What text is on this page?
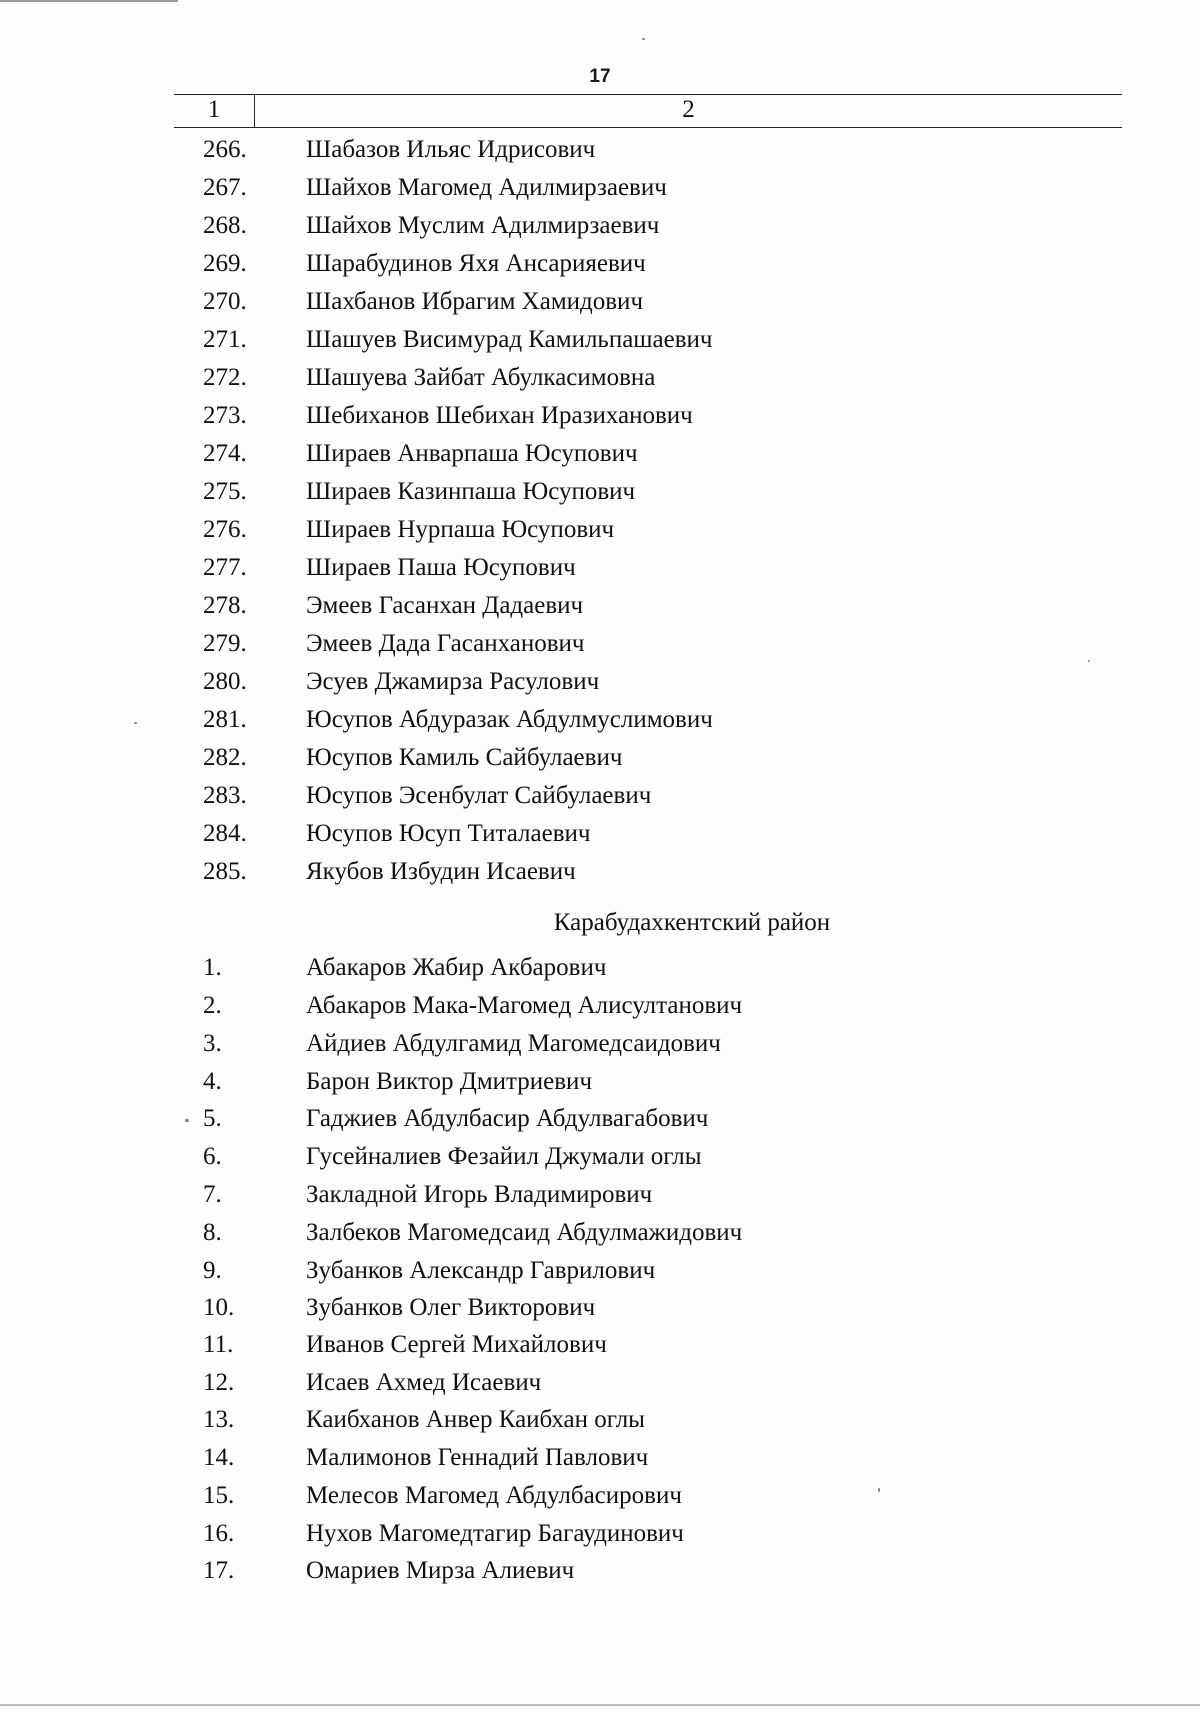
17
1	2
266. Шабазов Ильяс Идрисович
267. Шайхов Магомед Адилмирзаевич
268. Шайхов Муслим Адилмирзаевич
269. Шарабудинов Яхя Ансарияевич
270. Шахбанов Ибрагим Хамидович
271. Шашуев Висимурад Камильпашаевич
272. Шашуева Зайбат Абулкасимовна
273. Шебиханов Шебихан Иразиханович
274. Шираев Анварпаша Юсупович
275. Шираев Казинпаша Юсупович
276. Шираев Нурпаша Юсупович
277. Шираев Паша Юсупович
278. Эмеев Гасанхан Дадаевич
279. Эмеев Дада Гасанханович
280. Эсуев Джамирза Расулович
281. Юсупов Абдуразак Абдулмуслимович
282. Юсупов Камиль Сайбулаевич
283. Юсупов Эсенбулат Сайбулаевич
284. Юсупов Юсуп Титалаевич
285. Якубов Избудин Исаевич
Карабудахкентский район
1.	Абакаров Жабир Акбарович
2.	Абакаров Мака-Магомед Алисултанович
3.	Айдиев Абдулгамид Магомедсаидович
4.	Барон Виктор Дмитриевич
5.	Гаджиев Абдулбасир Абдулвагабович
6.	Гусейналиев Фезайил Джумали оглы
7.	Закладной Игорь Владимирович
8.	Залбеков Магомедсаид Абдулмажидович
9.	Зубанков Александр Гаврилович
10.	Зубанков Олег Викторович
11.	Иванов Сергей Михайлович
12.	Исаев Ахмед Исаевич
13.	Каибханов Анвер Каибхан оглы
14.	Малимонов Геннадий Павлович
15.	Мелесов Магомед Абдулбасирович
16.	Нухов Магомедтагир Багаудинович
17.	Омариев Мирза Алиевич
